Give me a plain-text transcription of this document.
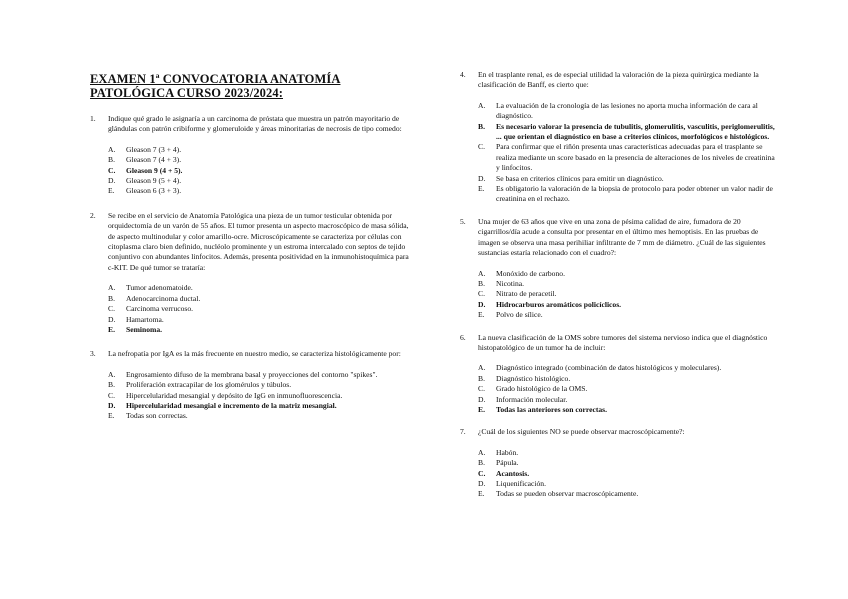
EXAMEN 1ª CONVOCATORIA ANATOMÍA PATOLÓGICA CURSO 2023/2024:
1. Indique qué grado le asignaría a un carcinoma de próstata que muestra un patrón mayoritario de glándulas con patrón cribiforme y glomeruloide y áreas minoritarias de necrosis de tipo comedo:
A. Gleason 7 (3 + 4).
B. Gleason 7 (4 + 3).
C. Gleason 9 (4 + 5).
D. Gleason 9 (5 + 4).
E. Gleason 6 (3 + 3).
2. Se recibe en el servicio de Anatomía Patológica una pieza de un tumor testicular obtenida por orquidectomía de un varón de 55 años. El tumor presenta un aspecto macroscópico de masa sólida, de aspecto multinodular y color amarillo-ocre. Microscópicamente se caracteriza por células con citoplasma claro bien definido, nucléolo prominente y un estroma intercalado con septos de tejido conjuntivo con abundantes linfocitos. Además, presenta positividad en la inmunohistoquímica para c-KIT. De qué tumor se trataría:
A. Tumor adenomatoide.
B. Adenocarcinoma ductal.
C. Carcinoma verrucoso.
D. Hamartoma.
E. Seminoma.
3. La nefropatía por IgA es la más frecuente en nuestro medio, se caracteriza histológicamente por:
A. Engrosamiento difuso de la membrana basal y proyecciones del contorno "spikes".
B. Proliferación extracapilar de los glomérulos y túbulos.
C. Hipercelularidad mesangial y depósito de IgG en inmunofluorescencia.
D. Hipercelularidad mesangial e incremento de la matriz mesangial.
E. Todas son correctas.
4. En el trasplante renal, es de especial utilidad la valoración de la pieza quirúrgica mediante la clasificación de Banff, es cierto que:
A. La evaluación de la cronología de las lesiones no aporta mucha información de cara al diagnóstico.
B. Es necesario valorar la presencia de tubulitis, glomerulitis, vasculitis, periglomerulitis, ... que orientan el diagnóstico en base a criterios clínicos, morfológicos e histológicos.
C. Para confirmar que el riñón presenta unas características adecuadas para el trasplante se realiza mediante un score basado en la presencia de alteraciones de los niveles de creatinina y linfocitos.
D. Se basa en criterios clínicos para emitir un diagnóstico.
E. Es obligatorio la valoración de la biopsia de protocolo para poder obtener un valor nadir de creatinina en el rechazo.
5. Una mujer de 63 años que vive en una zona de pésima calidad de aire, fumadora de 20 cigarrillos/día acude a consulta por presentar en el último mes hemoptisis. En las pruebas de imagen se observa una masa perihiliar infiltrante de 7 mm de diámetro. ¿Cuál de las siguientes sustancias estaría relacionado con el cuadro?:
A. Monóxido de carbono.
B. Nicotina.
C. Nitrato de peracetil.
D. Hidrocarburos aromáticos policíclicos.
E. Polvo de sílice.
6. La nueva clasificación de la OMS sobre tumores del sistema nervioso indica que el diagnóstico histopatológico de un tumor ha de incluir:
A. Diagnóstico integrado (combinación de datos histológicos y moleculares).
B. Diagnóstico histológico.
C. Grado histológico de la OMS.
D. Información molecular.
E. Todas las anteriores son correctas.
7. ¿Cuál de los siguientes NO se puede observar macroscópicamente?:
A. Habón.
B. Pápula.
C. Acantosis.
D. Liquenificación.
E. Todas se pueden observar macroscópicamente.
